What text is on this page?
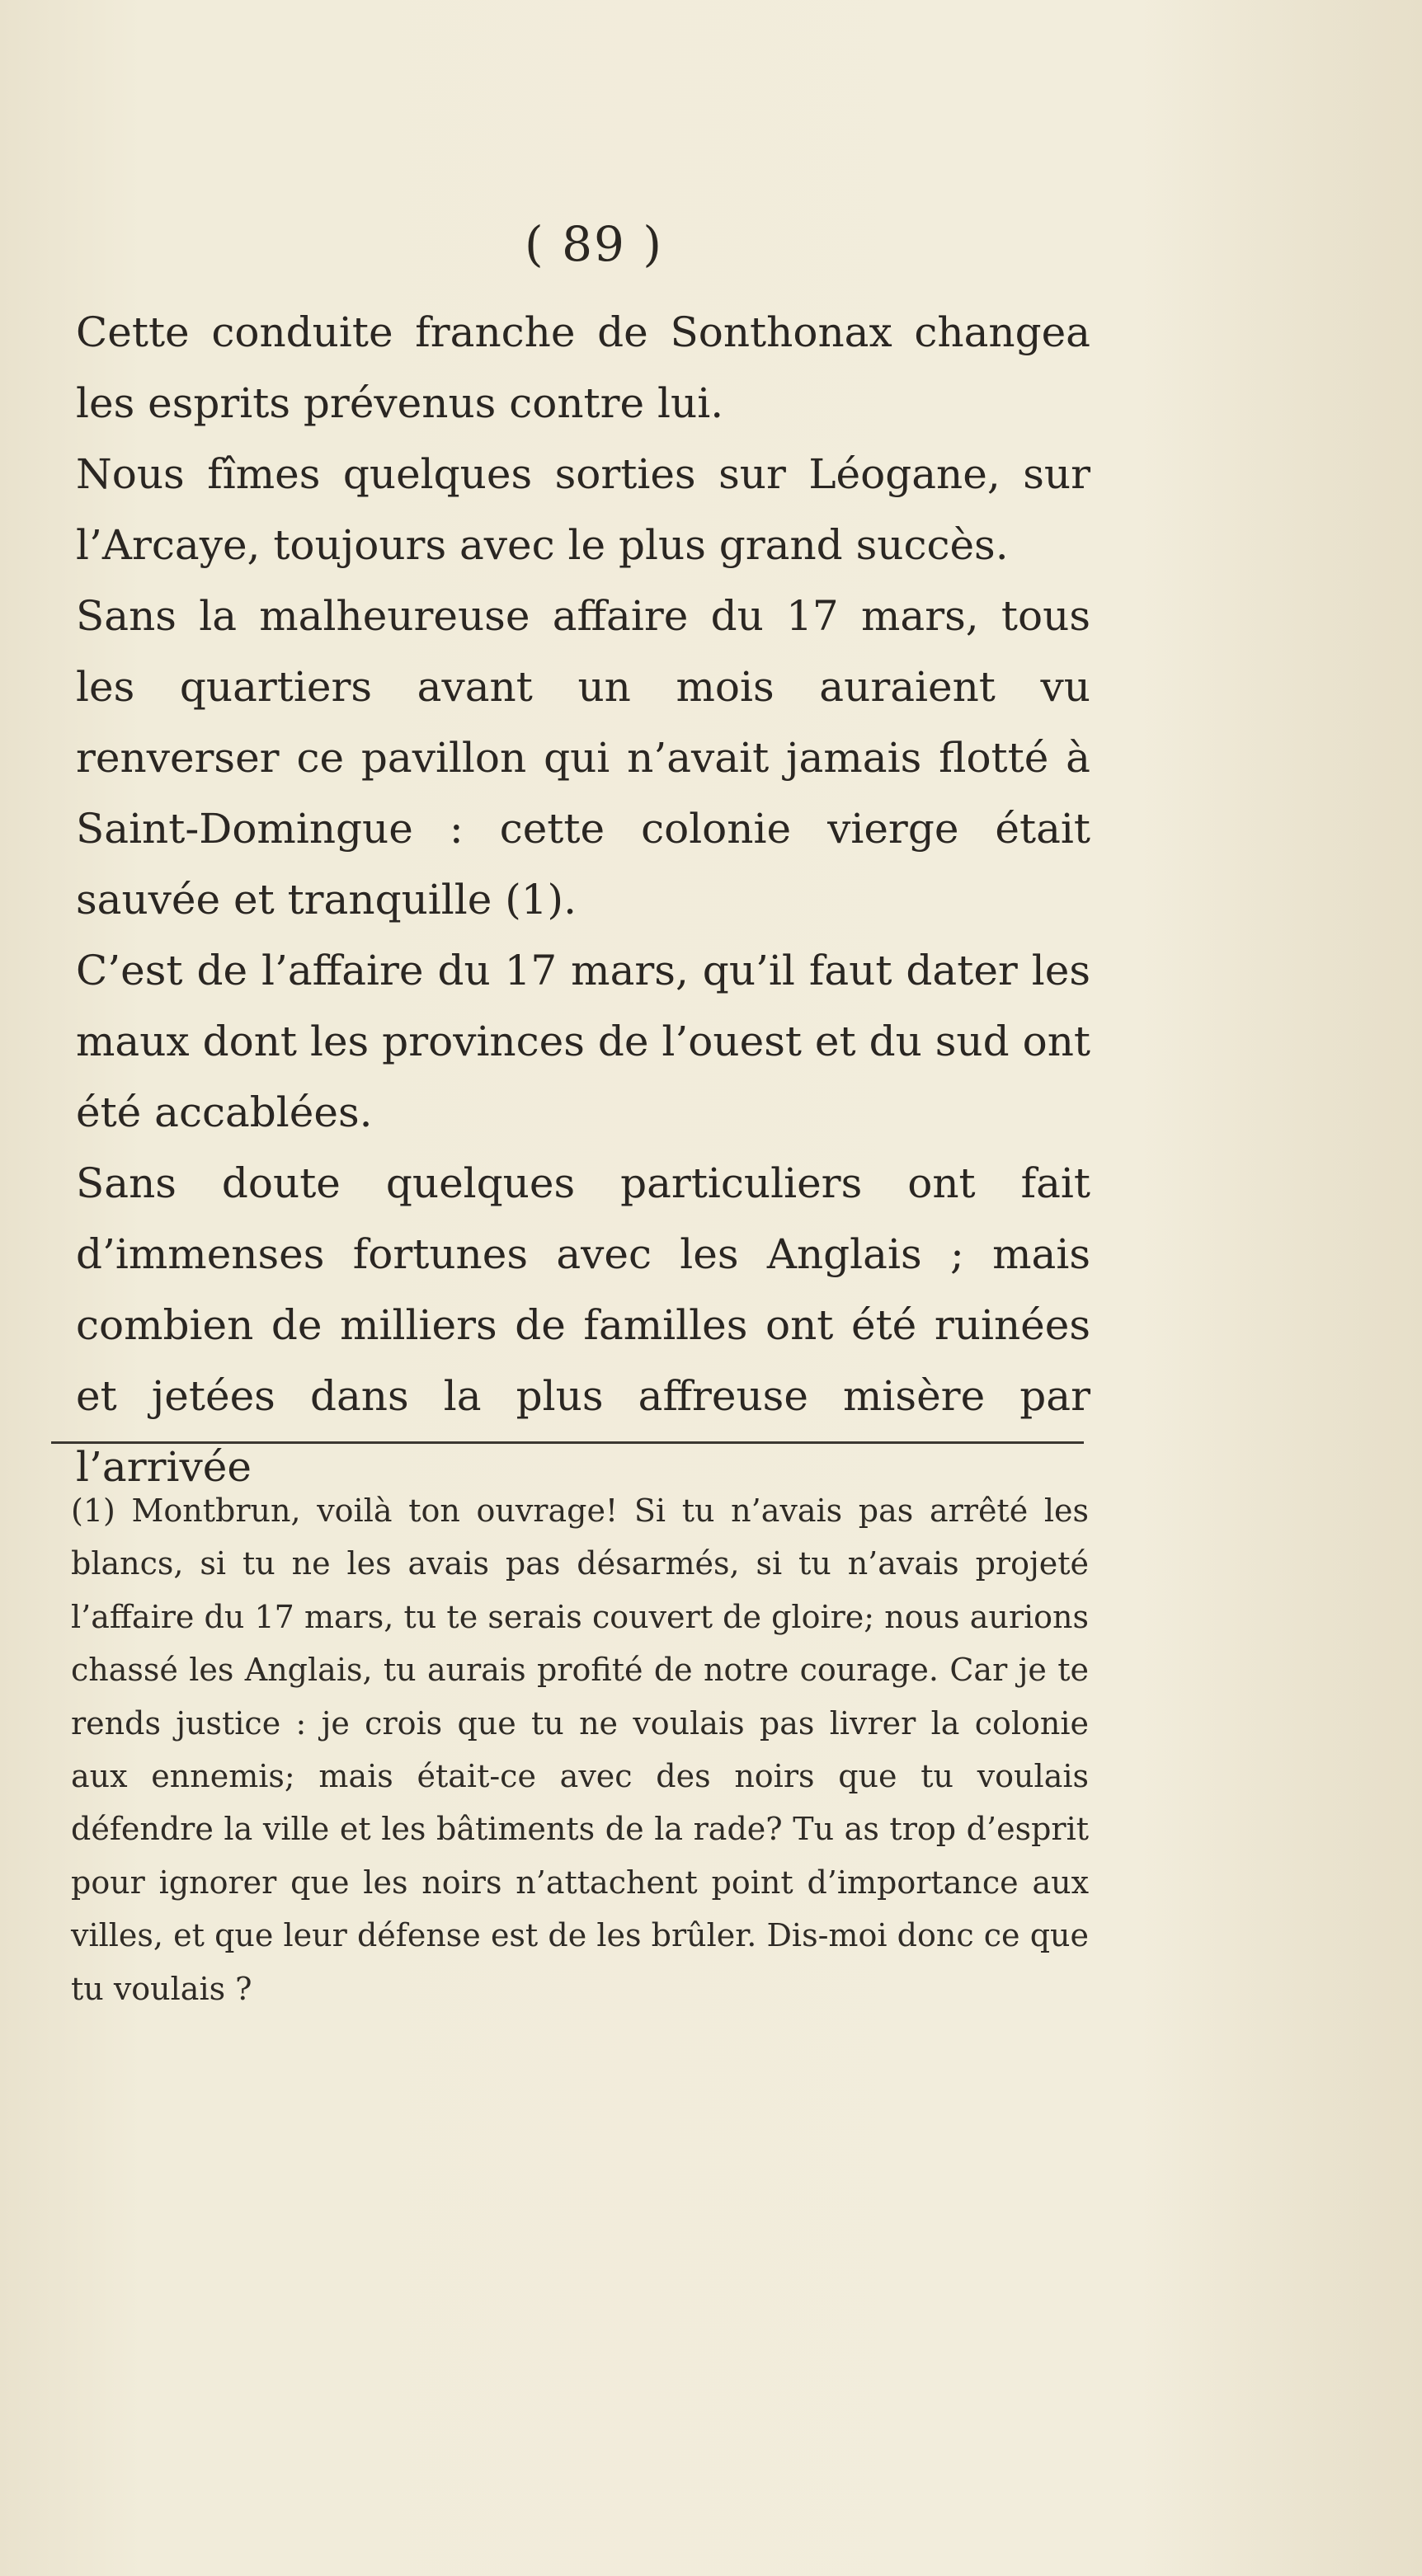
( 89 )

Cette conduite franche de Sonthonax changea les esprits prévenus contre lui.

Nous fîmes quelques sorties sur Léogane, sur l’Arcaye, toujours avec le plus grand succès.

Sans la malheureuse affaire du 17 mars, tous les quartiers avant un mois auraient vu renverser ce pavillon qui n’avait jamais flotté à Saint-Domingue : cette colonie vierge était sauvée et tranquille (1).

C’est de l’affaire du 17 mars, qu’il faut dater les maux dont les provinces de l’ouest et du sud ont été accablées.

Sans doute quelques particuliers ont fait d’immenses fortunes avec les Anglais ; mais combien de milliers de familles ont été ruinées et jetées dans la plus affreuse misère par l’arrivée

(1) Montbrun, voilà ton ouvrage! Si tu n’avais pas arrêté les blancs, si tu ne les avais pas désarmés, si tu n’avais projeté l’affaire du 17 mars, tu te serais couvert de gloire; nous aurions chassé les Anglais, tu aurais profité de notre courage. Car je te rends justice : je crois que tu ne voulais pas livrer la colonie aux ennemis; mais était-ce avec des noirs que tu voulais défendre la ville et les bâtiments de la rade? Tu as trop d’esprit pour ignorer que les noirs n’attachent point d’importance aux villes, et que leur défense est de les brûler. Dis-moi donc ce que tu voulais ?
